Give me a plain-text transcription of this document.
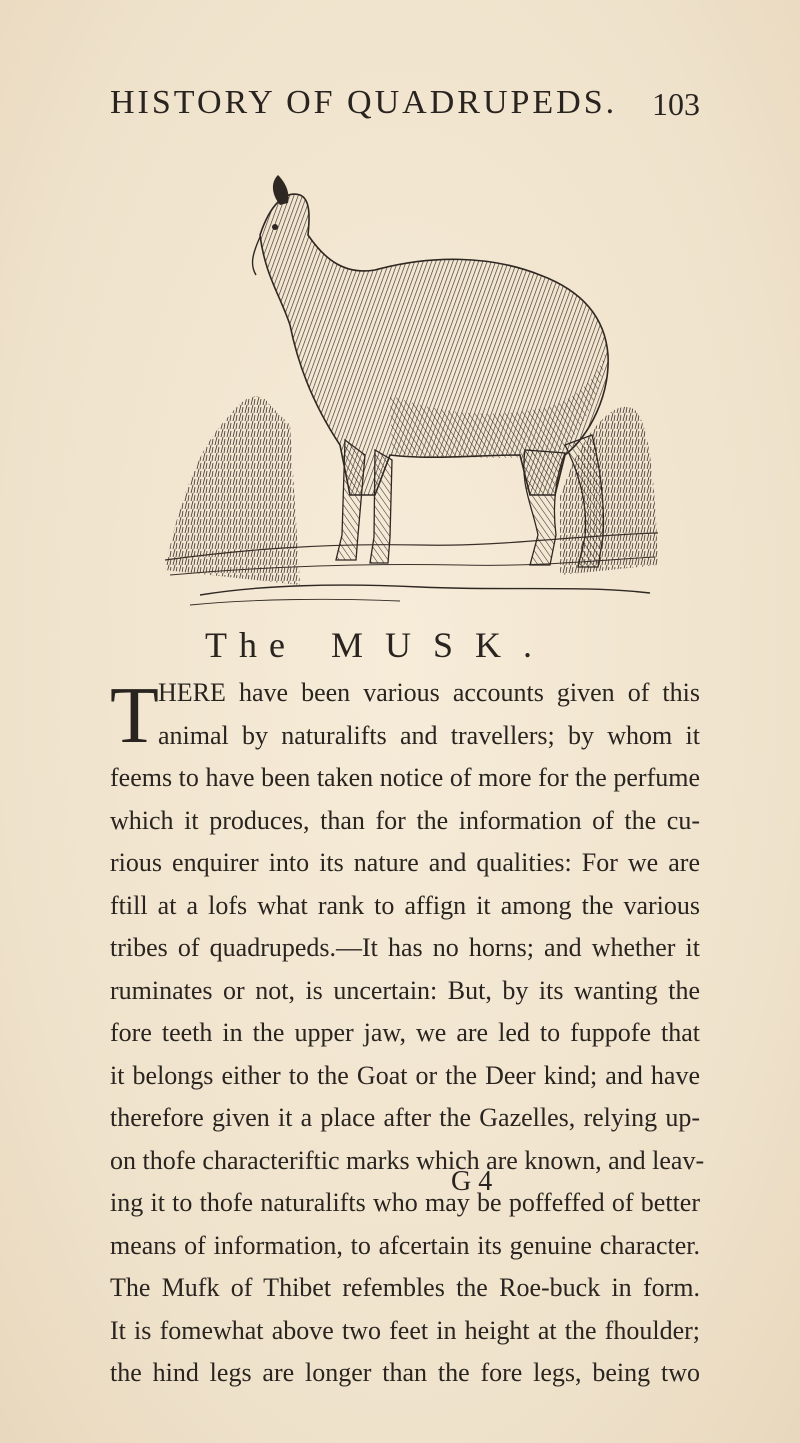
HISTORY OF QUADRUPEDS. 103
The MUSK.
T HERE have been various accounts given of this
animal by naturalifts and travellers; by whom it
feems to have been taken notice of more for the perfume
which it produces, than for the information of the cu-
rious enquirer into its nature and qualities: For we are
ftill at a lofs what rank to affign it among the various
tribes of quadrupeds.—It has no horns; and whether it
ruminates or not, is uncertain: But, by its wanting the
fore teeth in the upper jaw, we are led to fuppofe that
it belongs either to the Goat or the Deer kind; and have
therefore given it a place after the Gazelles, relying up-
on thofe characteriftic marks which are known, and leav-
ing it to thofe naturalifts who may be poffeffed of better
means of information, to afcertain its genuine character.
The Mufk of Thibet refembles the Roe-buck in form.
It is fomewhat above two feet in height at the fhoulder;
the hind legs are longer than the fore legs, being two
G 4
